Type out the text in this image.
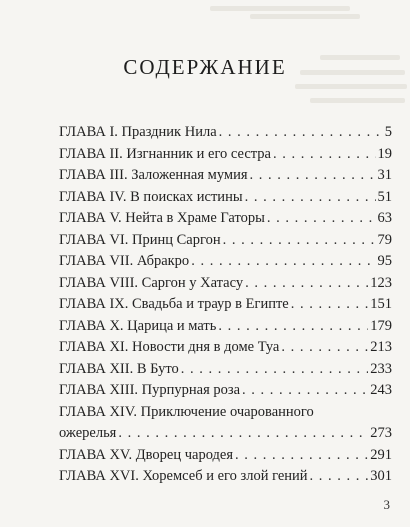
СОДЕРЖАНИЕ
ГЛАВА I. Праздник Нила . . .	5
ГЛАВА II. Изгнанник и его сестра . . .	19
ГЛАВА III. Заложенная мумия . . .	31
ГЛАВА IV. В поисках истины . . .	51
ГЛАВА V. Нейта в Храме Гаторы . . .	63
ГЛАВА VI. Принц Саргон . . .	79
ГЛАВА VII. Абракро . . .	95
ГЛАВА VIII. Саргон у Хатасу . . .	123
ГЛАВА IX. Свадьба и траур в Египте . . .	151
ГЛАВА X. Царица и мать . . .	179
ГЛАВА XI. Новости дня в доме Туа . . .	213
ГЛАВА XII. В Буто . . .	233
ГЛАВА XIII. Пурпурная роза . . .	243
ГЛАВА XIV. Приключение очарованного
ожерелья . . .	273
ГЛАВА XV. Дворец чародея . . .	291
ГЛАВА XVI. Хоремсеб и его злой гений . . .	301
3
